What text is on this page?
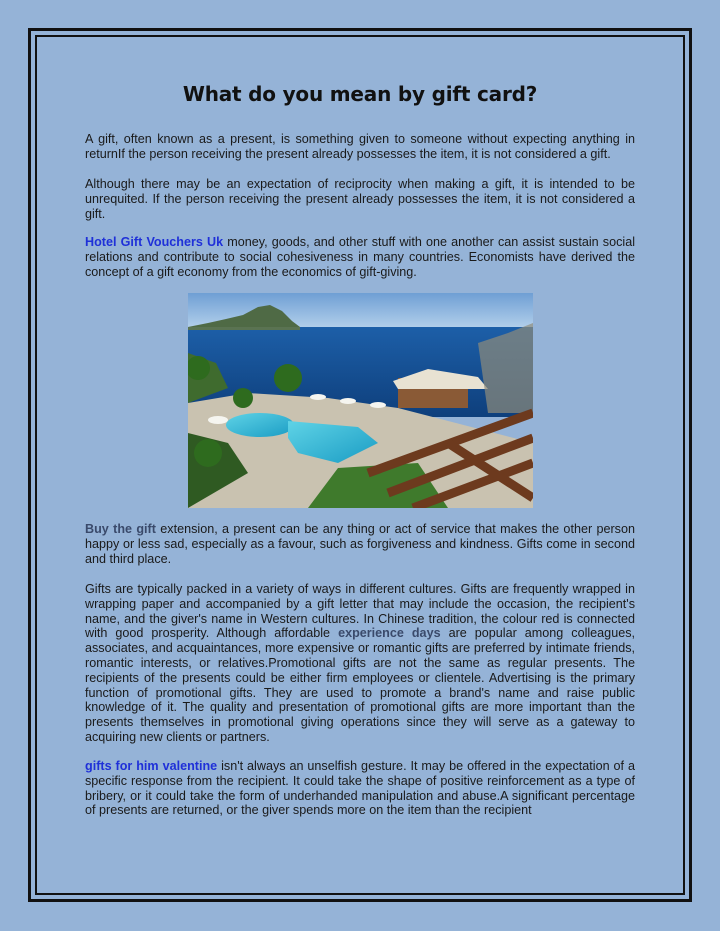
What do you mean by gift card?

A gift, often known as a present, is something given to someone without expecting anything in returnIf the person receiving the present already possesses the item, it is not considered a gift.

Although there may be an expectation of reciprocity when making a gift, it is intended to be unrequited. If the person receiving the present already possesses the item, it is not considered a gift.

Hotel Gift Vouchers Uk money, goods, and other stuff with one another can assist sustain social relations and contribute to social cohesiveness in many countries. Economists have derived the concept of a gift economy from the economics of gift-giving.

Buy the gift extension, a present can be any thing or act of service that makes the other person happy or less sad, especially as a favour, such as forgiveness and kindness. Gifts come in second and third place.

Gifts are typically packed in a variety of ways in different cultures. Gifts are frequently wrapped in wrapping paper and accompanied by a gift letter that may include the occasion, the recipient's name, and the giver's name in Western cultures. In Chinese tradition, the colour red is connected with good prosperity. Although affordable experience days are popular among colleagues, associates, and acquaintances, more expensive or romantic gifts are preferred by intimate friends, romantic interests, or relatives.Promotional gifts are not the same as regular presents. The recipients of the presents could be either firm employees or clientele. Advertising is the primary function of promotional gifts. They are used to promote a brand's name and raise public knowledge of it. The quality and presentation of promotional gifts are more important than the presents themselves in promotional giving operations since they will serve as a gateway to acquiring new clients or partners.

gifts for him valentine isn't always an unselfish gesture. It may be offered in the expectation of a specific response from the recipient. It could take the shape of positive reinforcement as a type of bribery, or it could take the form of underhanded manipulation and abuse.A significant percentage of presents are returned, or the giver spends more on the item than the recipient
